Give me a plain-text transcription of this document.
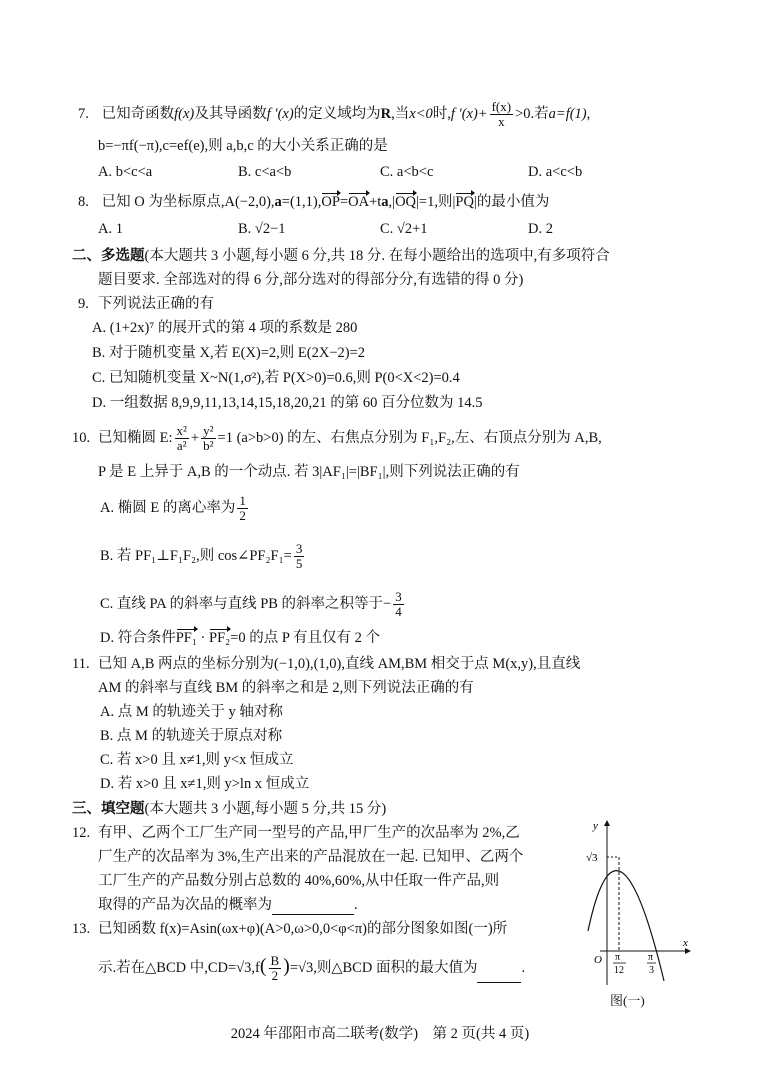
7. 已知奇函数f(x)及其导函数f ′(x)的定义域均为R,当x<0时,f $'(x)+ \frac{f(x)}{x} >0$.若a=f(1),
b=−πf(−π),c=ef(e),则 a,b,c 的大小关系正确的是
A. b<c<a	B. c<a<b	C. a<b<c	D. a<c<b
8. 已知 O 为坐标原点,A(−2,0),a=(1,1),OP=OA+ta,|OQ|=1,则|PQ|的最小值为
A. 1	B. √2−1	C. √2+1	D. 2
二、多选题(本大题共 3 小题,每小题 6 分,共 18 分. 在每小题给出的选项中,有多项符合
题目要求. 全部选对的得 6 分,部分选对的得部分分,有选错的得 0 分)
9. 下列说法正确的有
A. (1+2x)⁷ 的展开式的第 4 项的系数是 280
B. 对于随机变量 X,若 E(X)=2,则 E(2X−2)=2
C. 已知随机变量 X~N(1,σ²),若 P(X>0)=0.6,则 P(0<X<2)=0.4
D. 一组数据 8,9,9,11,13,14,15,18,20,21 的第 60 百分位数为 14.5
10. 已知椭圆 E: $\frac{\text{x²}}{\text{a²}} + \frac{\text{y²}}{\text{b²}} =1$ (a>b>0) 的左、右焦点分别为 F₁,F₂,左、右顶点分别为 A,B,
P 是 E 上异于 A,B 的一个动点. 若 3|AF₁|=|BF₁|,则下列说法正确的有
A. 椭圆 E 的离心率为 $\frac{1}{2}$
B. 若 PF₁⊥F₁F₂,则 cos∠PF₂F₁= $\frac{3}{5}$
C. 直线 PA 的斜率与直线 PB 的斜率之积等于− $\frac{3}{4}$
D. 符合条件PF₁ · PF₂=0 的点 P 有且仅有 2 个
11. 已知 A,B 两点的坐标分别为(−1,0),(1,0),直线 AM,BM 相交于点 M(x,y),且直线
AM 的斜率与直线 BM 的斜率之和是 2,则下列说法正确的有
A. 点 M 的轨迹关于 y 轴对称
B. 点 M 的轨迹关于原点对称
C. 若 x>0 且 x≠1,则 y<x 恒成立
D. 若 x>0 且 x≠1,则 y>ln x 恒成立
三、填空题(本大题共 3 小题,每小题 5 分,共 15 分)
12. 有甲、乙两个工厂生产同一型号的产品,甲厂生产的次品率为 2%,乙
厂生产的次品率为 3%,生产出来的产品混放在一起. 已知甲、乙两个
工厂生产的产品数分别占总数的 40%,60%,从中任取一件产品,则
取得的产品为次品的概率为	.
13. 已知函数 f(x)=Asin(ωx+φ)(A>0,ω>0,0<φ<π)的部分图象如图(一)所
示.若在△BCD 中$,CD=√3,f( \frac{B}{2} )=√3$,则△BCD 面积的最大值为	.
y
x
O
√3
π
12
π
3
图(一)
2024 年邵阳市高二联考(数学)    第 2 页(共 4 页)
